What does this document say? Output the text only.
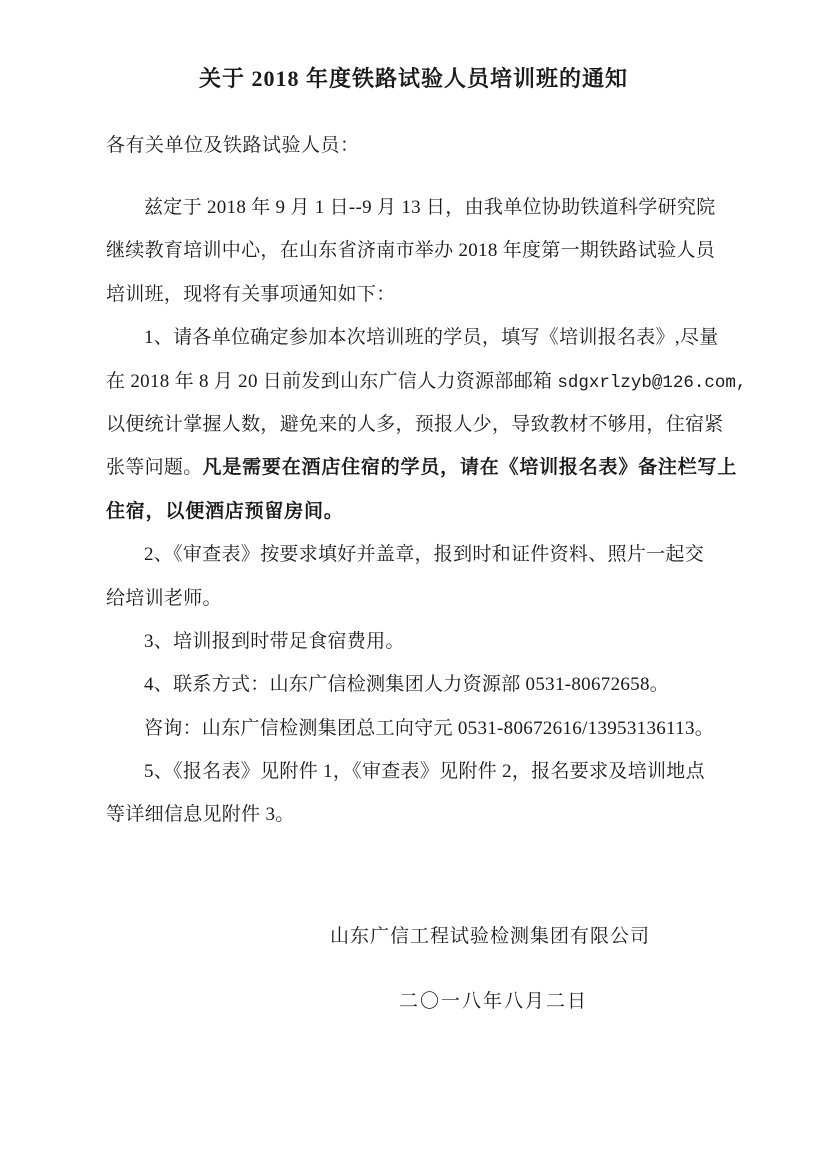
关于 2018 年度铁路试验人员培训班的通知
各有关单位及铁路试验人员：
兹定于 2018 年 9 月 1 日--9 月 13 日，由我单位协助铁道科学研究院
继续教育培训中心，在山东省济南市举办 2018 年度第一期铁路试验人员
培训班，现将有关事项通知如下：
1、请各单位确定参加本次培训班的学员，填写《培训报名表》,尽量
在 2018 年 8 月 20 日前发到山东广信人力资源部邮箱 sdgxrlzyb@126.com,
以便统计掌握人数，避免来的人多，预报人少，导致教材不够用，住宿紧
张等问题。凡是需要在酒店住宿的学员，请在《培训报名表》备注栏写上
住宿，以便酒店预留房间。
2、《审查表》按要求填好并盖章，报到时和证件资料、照片一起交
给培训老师。
3、培训报到时带足食宿费用。
4、联系方式：山东广信检测集团人力资源部 0531-80672658。
咨询：山东广信检测集团总工向守元 0531-80672616/13953136113。
5、《报名表》见附件 1，《审查表》见附件 2，报名要求及培训地点
等详细信息见附件 3。
山东广信工程试验检测集团有限公司
二〇一八年八月二日
